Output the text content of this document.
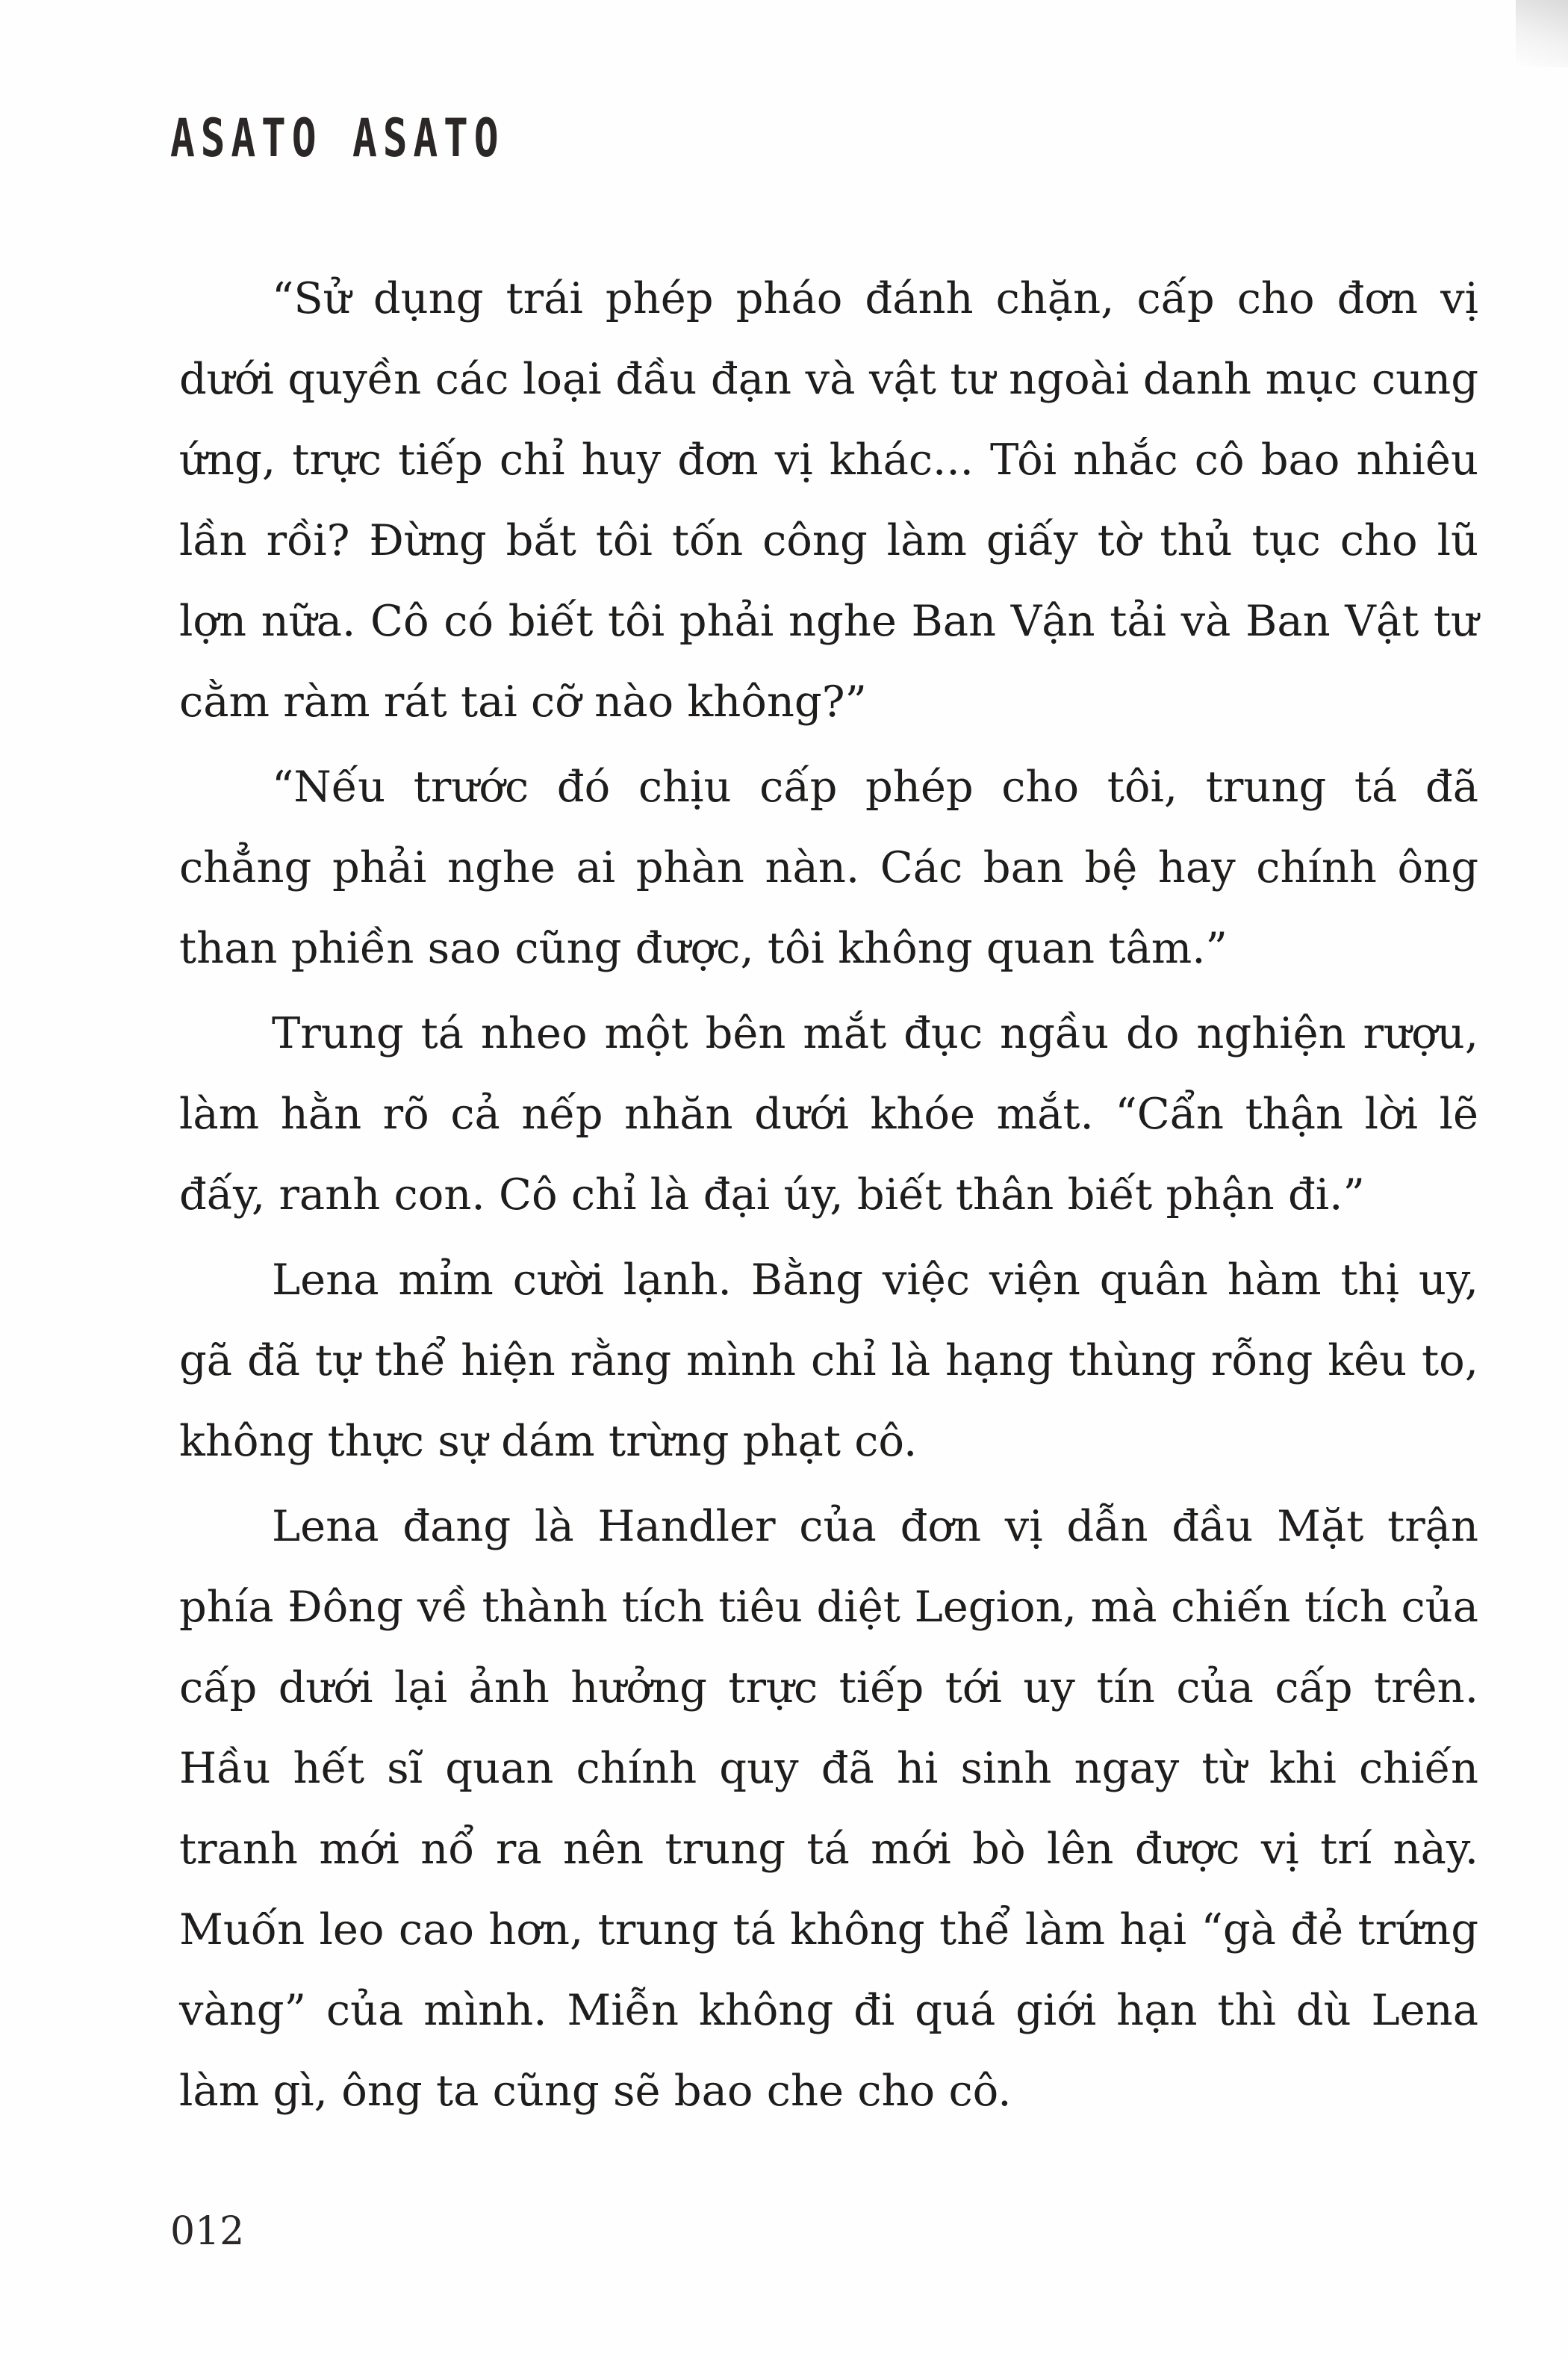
ASATO ASATO

“Sử dụng trái phép pháo đánh chặn, cấp cho đơn vị dưới quyền các loại đầu đạn và vật tư ngoài danh mục cung ứng, trực tiếp chỉ huy đơn vị khác... Tôi nhắc cô bao nhiêu lần rồi? Đừng bắt tôi tốn công làm giấy tờ thủ tục cho lũ lợn nữa. Cô có biết tôi phải nghe Ban Vận tải và Ban Vật tư cằm ràm rát tai cỡ nào không?”

“Nếu trước đó chịu cấp phép cho tôi, trung tá đã chẳng phải nghe ai phàn nàn. Các ban bệ hay chính ông than phiền sao cũng được, tôi không quan tâm.”

Trung tá nheo một bên mắt đục ngầu do nghiện rượu, làm hằn rõ cả nếp nhăn dưới khóe mắt. “Cẩn thận lời lẽ đấy, ranh con. Cô chỉ là đại úy, biết thân biết phận đi.”

Lena mỉm cười lạnh. Bằng việc viện quân hàm thị uy, gã đã tự thể hiện rằng mình chỉ là hạng thùng rỗng kêu to, không thực sự dám trừng phạt cô.

Lena đang là Handler của đơn vị dẫn đầu Mặt trận phía Đông về thành tích tiêu diệt Legion, mà chiến tích của cấp dưới lại ảnh hưởng trực tiếp tới uy tín của cấp trên. Hầu hết sĩ quan chính quy đã hi sinh ngay từ khi chiến tranh mới nổ ra nên trung tá mới bò lên được vị trí này. Muốn leo cao hơn, trung tá không thể làm hại “gà đẻ trứng vàng” của mình. Miễn không đi quá giới hạn thì dù Lena làm gì, ông ta cũng sẽ bao che cho cô.

012
